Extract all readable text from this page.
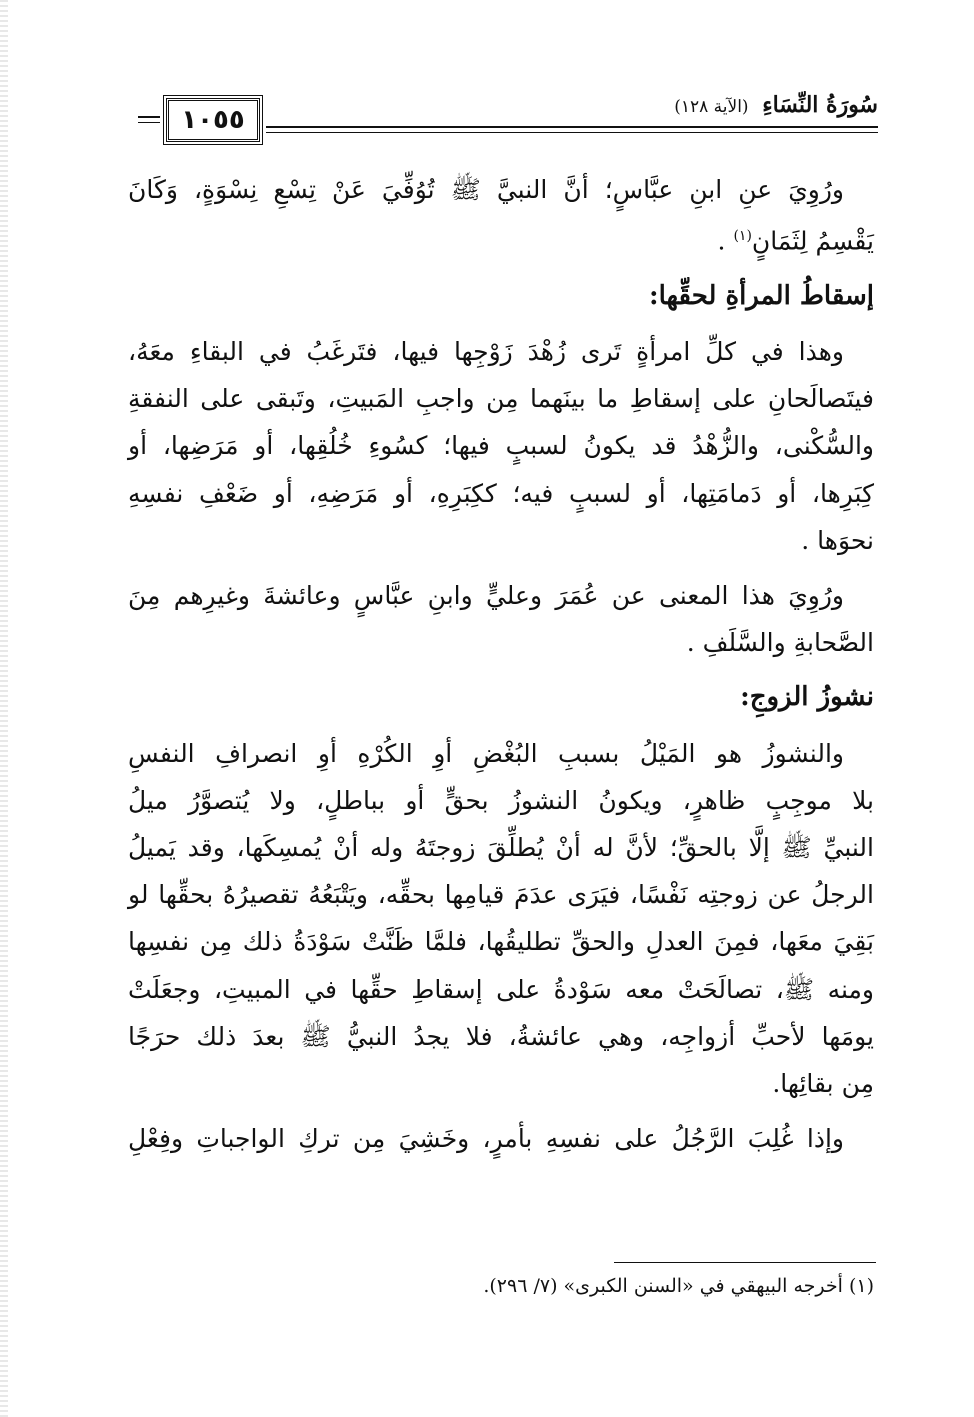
١٠٥٥	سُورَةُ النِّسَاءِ (الآية ١٢٨)

ورُوِيَ عنِ ابنِ عبَّاسٍ؛ أنَّ النبيَّ ﷺ تُوُفِّيَ عَنْ تِسْعِ نِسْوَةٍ، وَكَانَ
يَقْسِمُ لِثَمَانٍ$^{(١)}$ .

إسقاطُ المرأةِ لحقِّها:

وهذا في كلِّ امرأةٍ تَرى زُهْدَ زَوْجِها فيها، فتَرغَبُ في البقاءِ معَهُ،
فيتَصالَحانِ على إسقاطِ ما بينَهما مِن واجبِ المَبيتِ، وتَبقى على النفقةِ
والسُّكْنى، والزُّهْدُ قد يكونُ لسببٍ فيها؛ كسُوءِ خُلُقِها، أو مَرَضِها، أو
كِبَرِها، أو دَمامَتِها، أو لسببٍ فيه؛ ككِبَرِهِ، أو مَرَضِهِ، أو ضَعْفِ نفسِهِ
نحوَها .

ورُوِيَ هذا المعنى عن عُمَرَ وعليٍّ وابنِ عبَّاسٍ وعائشةَ وغيرِهم مِنَ
الصَّحابةِ والسَّلَفِ .

نشوزُ الزوجِ:

والنشوزُ هو المَيْلُ بسببِ البُغْضِ أوِ الكُرْهِ أوِ انصرافِ النفسِ
بلا موجِبٍ ظاهرٍ، ويكونُ النشوزُ بحقٍّ أو بباطلٍ، ولا يُتصوَّرُ ميلُ
النبيِّ ﷺ إلَّا بالحقِّ؛ لأنَّ له أنْ يُطلِّقَ زوجتَهُ وله أنْ يُمسِكَها، وقد يَميلُ
الرجلُ عن زوجتِه نَفْسًا، فيَرَى عدَمَ قيامِها بحقِّه، ويَتْبَعُهُ تقصيرُهُ بحقِّها لو
بَقِيَ معَها، فمِنَ العدلِ والحقِّ تطليقُها، فلمَّا ظَنَّتْ سَوْدَةُ ذلك مِن نفسِها
ومنه ﷺ، تصالَحَتْ معه سَوْدةُ على إسقاطِ حقِّها في المبيتِ، وجعَلَتْ
يومَها لأحبِّ أزواجِه، وهي عائشةُ، فلا يجدُ النبيُّ ﷺ بعدَ ذلك حرَجًا
مِن بقائِها.

وإذا غُلِبَ الرَّجُلُ على نفسِهِ بأمرٍ، وخَشِيَ مِن تركِ الواجباتِ وفِعْلِ

(١) أخرجه البيهقي في «السنن الكبرى» (٧/ ٢٩٦).
